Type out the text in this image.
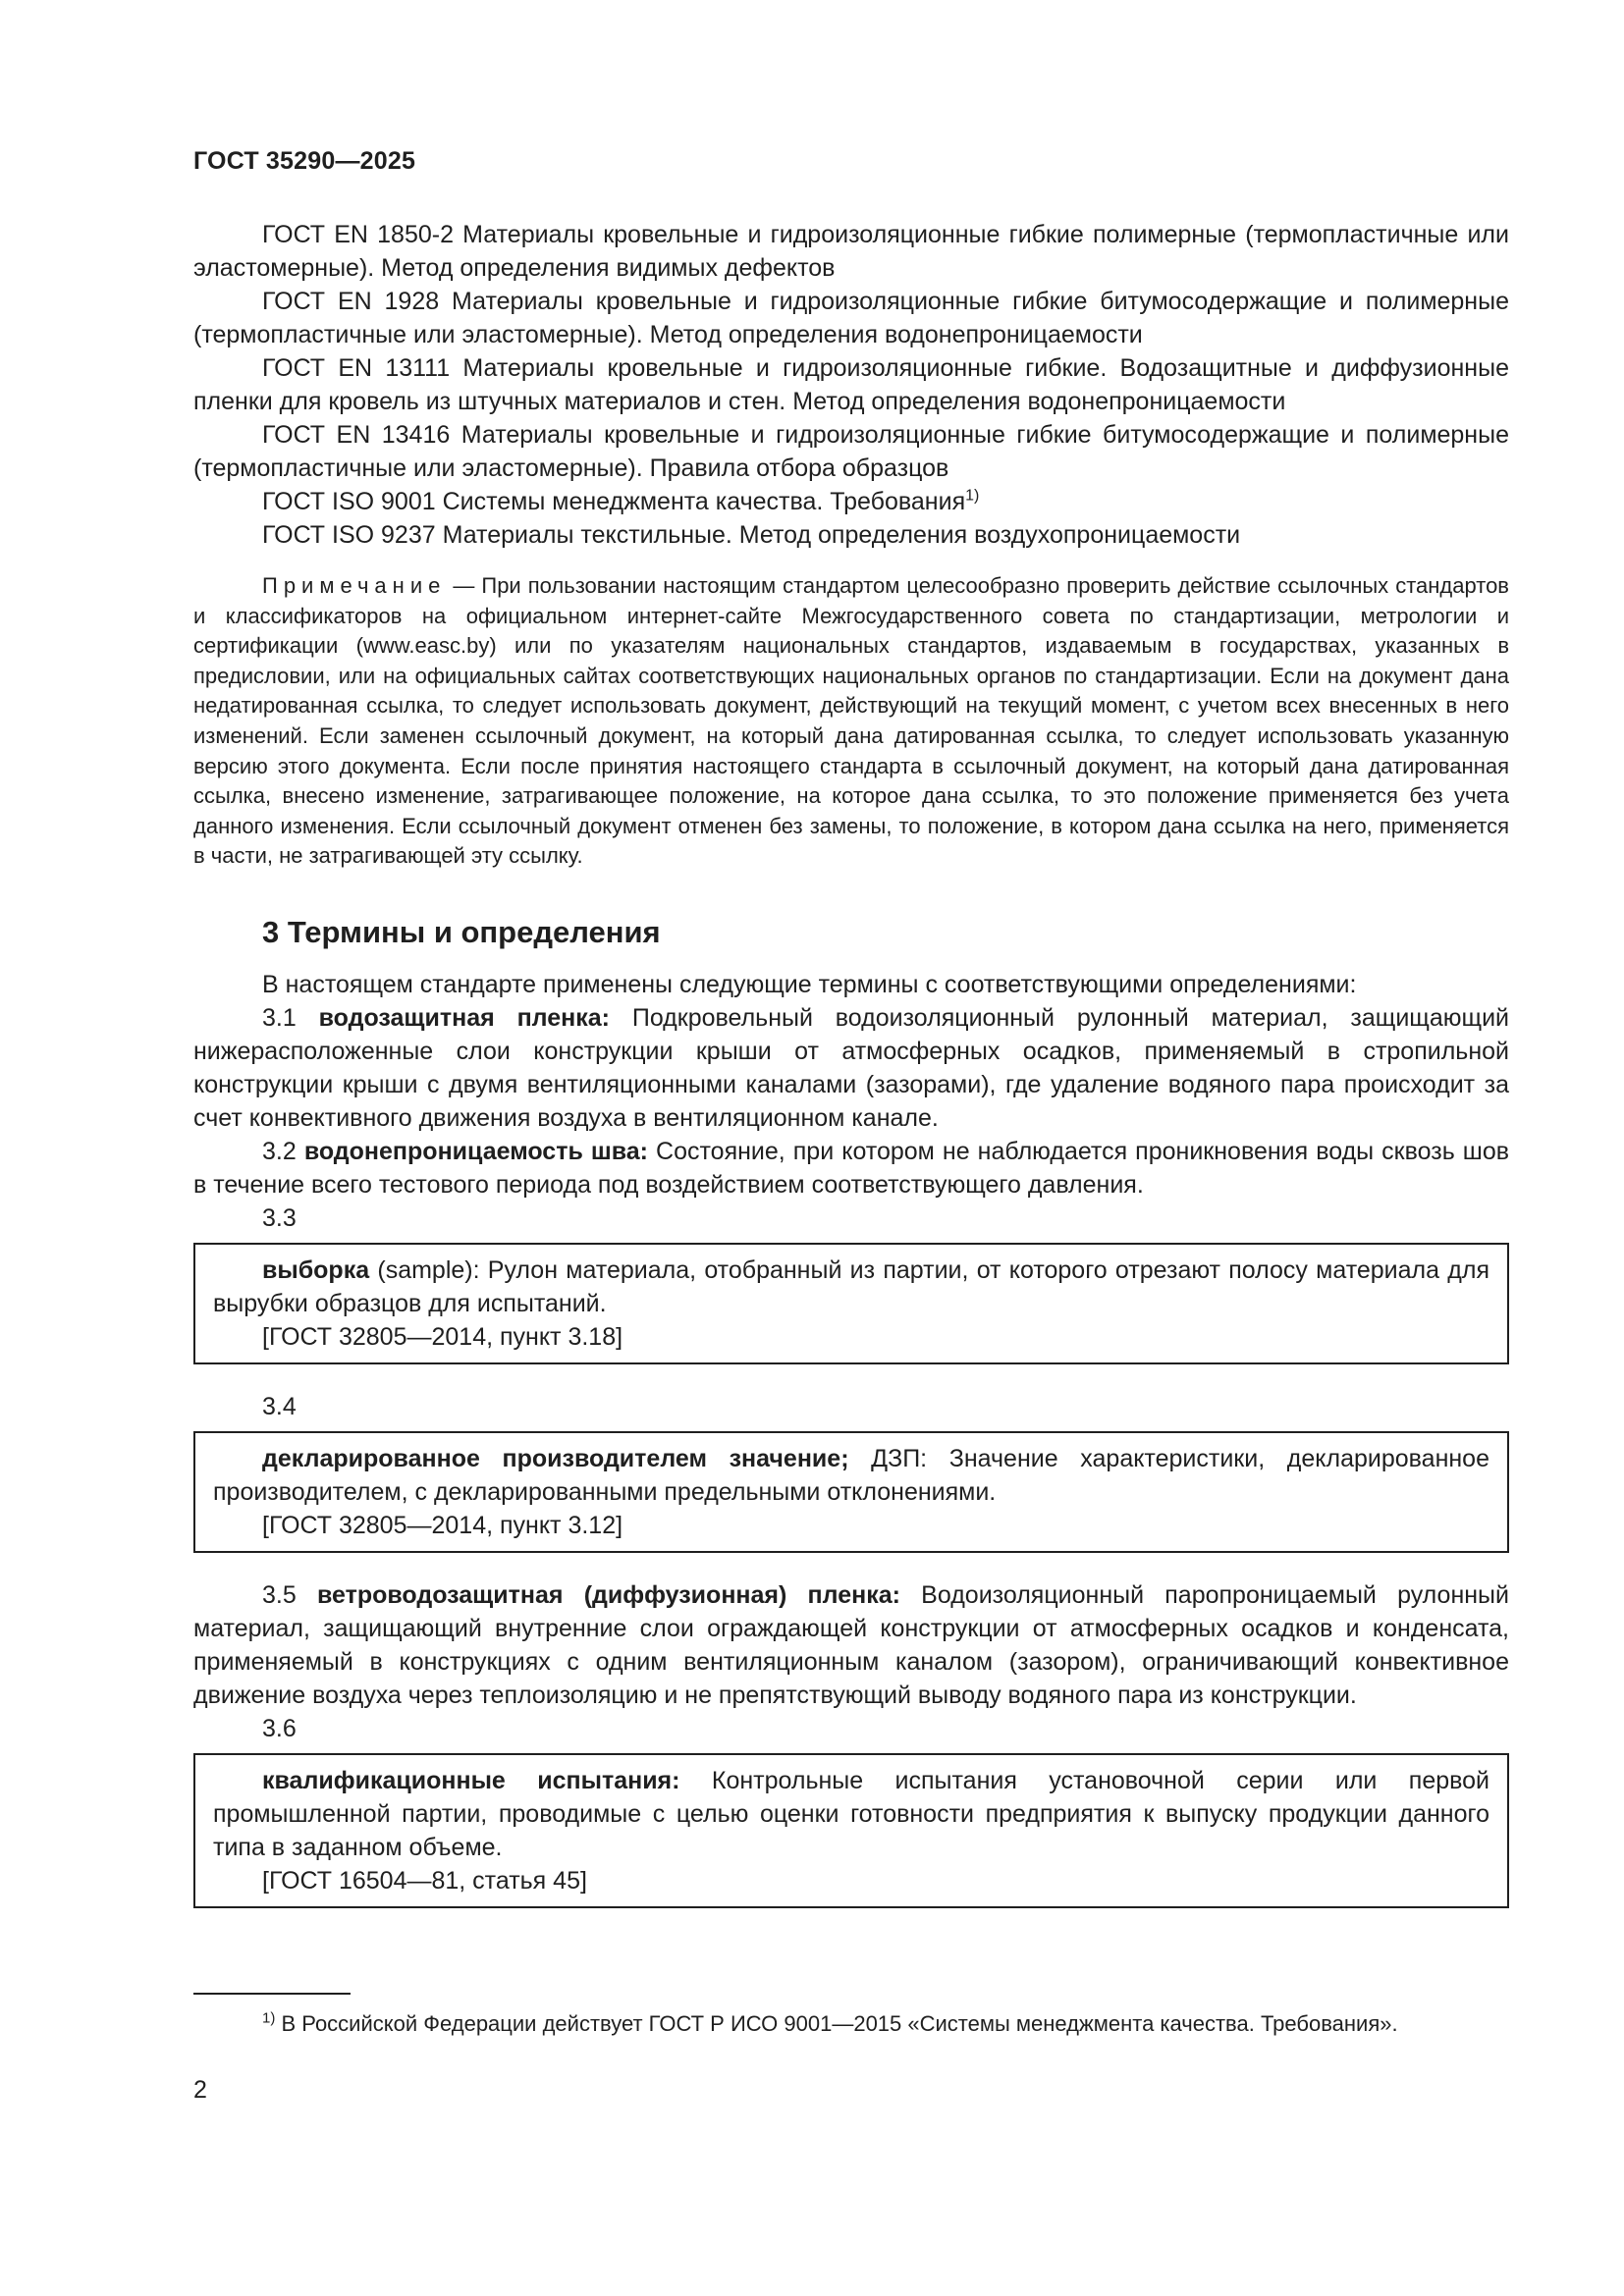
ГОСТ 35290—2025

ГОСТ EN 1850-2 Материалы кровельные и гидроизоляционные гибкие полимерные (термопластичные или эластомерные). Метод определения видимых дефектов

ГОСТ EN 1928 Материалы кровельные и гидроизоляционные гибкие битумосодержащие и полимерные (термопластичные или эластомерные). Метод определения водонепроницаемости

ГОСТ EN 13111 Материалы кровельные и гидроизоляционные гибкие. Водозащитные и диффузионные пленки для кровель из штучных материалов и стен. Метод определения водонепроницаемости

ГОСТ EN 13416 Материалы кровельные и гидроизоляционные гибкие битумосодержащие и полимерные (термопластичные или эластомерные). Правила отбора образцов

ГОСТ ISO 9001 Системы менеджмента качества. Требования$^{1)}$

ГОСТ ISO 9237 Материалы текстильные. Метод определения воздухопроницаемости

Примечание — При пользовании настоящим стандартом целесообразно проверить действие ссылочных стандартов и классификаторов на официальном интернет-сайте Межгосударственного совета по стандартизации, метрологии и сертификации (www.easc.by) или по указателям национальных стандартов, издаваемым в государствах, указанных в предисловии, или на официальных сайтах соответствующих национальных органов по стандартизации. Если на документ дана недатированная ссылка, то следует использовать документ, действующий на текущий момент, с учетом всех внесенных в него изменений. Если заменен ссылочный документ, на который дана датированная ссылка, то следует использовать указанную версию этого документа. Если после принятия настоящего стандарта в ссылочный документ, на который дана датированная ссылка, внесено изменение, затрагивающее положение, на которое дана ссылка, то это положение применяется без учета данного изменения. Если ссылочный документ отменен без замены, то положение, в котором дана ссылка на него, применяется в части, не затрагивающей эту ссылку.

3 Термины и определения

В настоящем стандарте применены следующие термины с соответствующими определениями:

3.1 водозащитная пленка: Подкровельный водоизоляционный рулонный материал, защищающий нижерасположенные слои конструкции крыши от атмосферных осадков, применяемый в стропильной конструкции крыши с двумя вентиляционными каналами (зазорами), где удаление водяного пара происходит за счет конвективного движения воздуха в вентиляционном канале.

3.2 водонепроницаемость шва: Состояние, при котором не наблюдается проникновения воды сквозь шов в течение всего тестового периода под воздействием соответствующего давления.

3.3

выборка (sample): Рулон материала, отобранный из партии, от которого отрезают полосу материала для вырубки образцов для испытаний.

[ГОСТ 32805—2014, пункт 3.18]
3.4

декларированное производителем значение; ДЗП: Значение характеристики, декларированное производителем, с декларированными предельными отклонениями.

[ГОСТ 32805—2014, пункт 3.12]

3.5 ветроводозащитная (диффузионная) пленка: Водоизоляционный паропроницаемый рулонный материал, защищающий внутренние слои ограждающей конструкции от атмосферных осадков и конденсата, применяемый в конструкциях с одним вентиляционным каналом (зазором), ограничивающий конвективное движение воздуха через теплоизоляцию и не препятствующий выводу водяного пара из конструкции.

3.6

квалификационные испытания: Контрольные испытания установочной серии или первой промышленной партии, проводимые с целью оценки готовности предприятия к выпуску продукции данного типа в заданном объеме.

[ГОСТ 16504—81, статья 45]
$^{1)}$ В Российской Федерации действует ГОСТ Р ИСО 9001—2015 «Системы менеджмента качества. Требования».
2
